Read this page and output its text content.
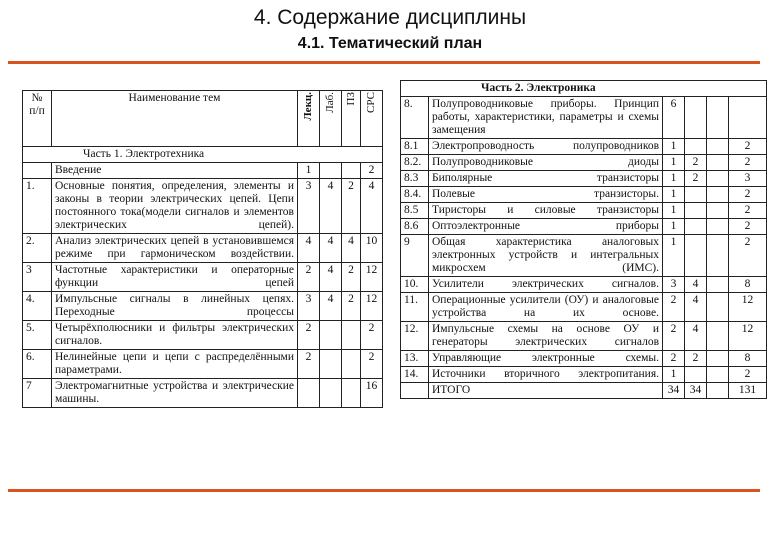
4. Содержание дисциплины
4.1. Тематический план
№ п/п	Наименование тем	Лекц.	Лаб.	ПЗ	СРС
Часть 1. Электротехника					

	Введение	1			2
1.	Основные понятия, определения, элементы и законы в теории электрических цепей. Цепи постоянного тока(модели сигналов и элементов электрических цепей).	3	4	2	4
2.	Анализ электрических цепей в установившемся режиме при гармоническом воздействии.	4	4	4	10
3	Частотные характеристики и операторные функции цепей	2	4	2	12
4.	Импульсные сигналы в линейных цепях. Переходные процессы	3	4	2	12
5.	Четырёхполюсники и фильтры электрических сигналов.	2			2
6.	Нелинейные цепи и цепи с распределёнными параметрами.	2			2
7	Электромагнитные устройства и электрические машины.				16
Часть 2. Электроника					
8.	Полупроводниковые приборы. Принцип работы, характеристики, параметры и схемы замещения	6			
8.1	Электропроводность полупроводников	1			2
8.2.	Полупроводниковые диоды	1	2		2
8.3	Биполярные транзисторы	1	2		3
8.4.	Полевые транзисторы.	1			2
8.5	Тиристоры и силовые транзисторы	1			2
8.6	Оптоэлектронные приборы	1			2
9	Общая характеристика аналоговых электронных устройств и интегральных микросхем (ИМС).	1			2
10.	Усилители электрических сигналов.	3	4		8
11.	Операционные усилители (ОУ) и аналоговые устройства на их основе.	2	4		12
12.	Импульсные схемы на основе ОУ и генераторы электрических сигналов	2	4		12
13.	Управляющие электронные схемы.	2	2		8
14.	Источники вторичного электропитания.	1			2
	ИТОГО	34	34		131
